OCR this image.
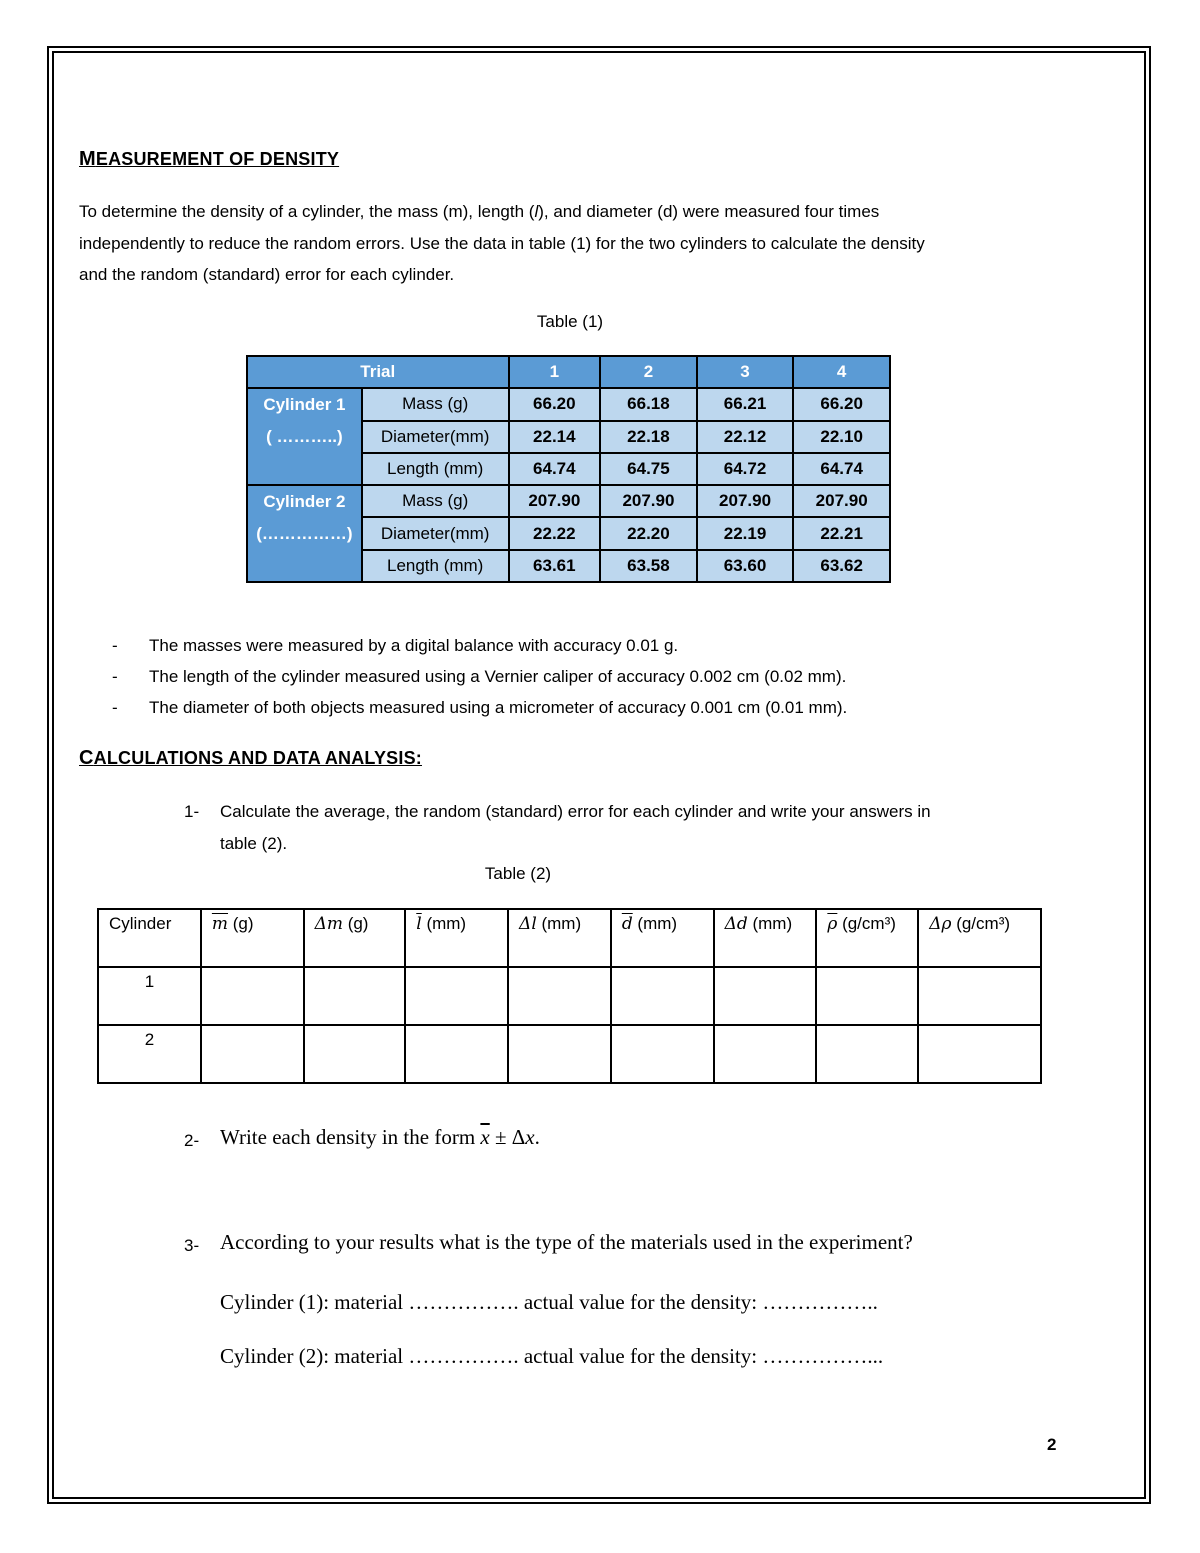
MEASUREMENT OF DENSITY
To determine the density of a cylinder, the mass (m), length (l), and diameter (d) were measured four times
independently to reduce the random errors. Use the data in table (1) for the two cylinders to calculate the density
and the random (standard) error for each cylinder.
Table (1)
Trial		1	2	3	4

Cylinder 1
( ………..)	Mass (g)	66.20	66.18	66.21	66.20
	Diameter(mm)	22.14	22.18	22.12	22.10
	Length (mm)	64.74	64.75	64.72	64.74

Cylinder 2
(……………)	Mass (g)	207.90	207.90	207.90	207.90
	Diameter(mm)	22.22	22.20	22.19	22.21
	Length (mm)	63.61	63.58	63.60	63.62
- The masses were measured by a digital balance with accuracy 0.01 g.
- The length of the cylinder measured using a Vernier caliper of accuracy 0.002 cm (0.02 mm).
- The diameter of both objects measured using a micrometer of accuracy 0.001 cm (0.01 mm).
CALCULATIONS AND DATA ANALYSIS:
1- Calculate the average, the random (standard) error for each cylinder and write your answers in
table (2).
Table (2)
Cylinder	$\overline{m}$ (g)	Δm (g)	$\overline{l}$ (mm)	Δl (mm)	$\overline{d}$ (mm)	Δd (mm)	$\overline{\rho}$ (g/cm³)	Δρ (g/cm³)
1								
2								
2- Write each density in the form $\overline{x} \pm \Delta x$.
3- According to your results what is the type of the materials used in the experiment?
Cylinder (1): material ……………. actual value for the density: ……………..
Cylinder (2): material ……………. actual value for the density: ……………...
2
